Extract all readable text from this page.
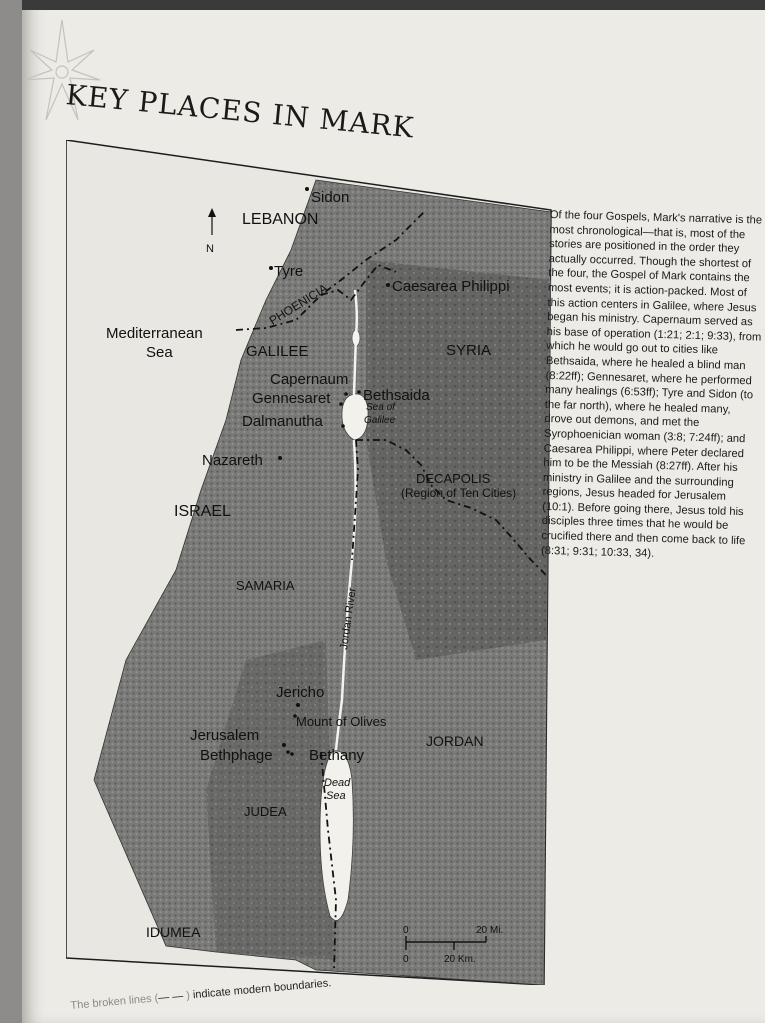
KEY PLACES IN MARK
N
LEBANON
PHOENICIA
GALILEE	SYRIA
DECAPOLIS
(Region of Ten Cities)
ISRAEL
SAMARIA
JUDEA
JORDAN
IDUMEA
Mediterranean
Sea
Sea of
Galilee
Jordan River
Dead
Sea
Sidon
Tyre
Caesarea Philippi
Capernaum
Bethsaida
Gennesaret
Dalmanutha
Nazareth
Jericho
Mount of Olives
Jerusalem
Bethphage Bethany
0	20 Mi.
0	20 Km.
Of the four Gospels, Mark's narrative is the most chronological—that is, most of the stories are positioned in the order they actually occurred. Though the shortest of the four, the Gospel of Mark contains the most events; it is action-packed. Most of this action centers in Galilee, where Jesus began his ministry. Capernaum served as his base of operation (1:21; 2:1; 9:33), from which he would go out to cities like Bethsaida, where he healed a blind man (8:22ff); Gennesaret, where he performed many healings (6:53ff); Tyre and Sidon (to the far north), where he healed many, drove out demons, and met the Syrophoenician woman (3:8; 7:24ff); and Caesarea Philippi, where Peter declared him to be the Messiah (8:27ff). After his ministry in Galilee and the surrounding regions, Jesus headed for Jerusalem (10:1). Before going there, Jesus told his disciples three times that he would be crucified there and then come back to life (8:31; 9:31; 10:33, 34).
The broken lines (— — ) indicate modern boundaries.
